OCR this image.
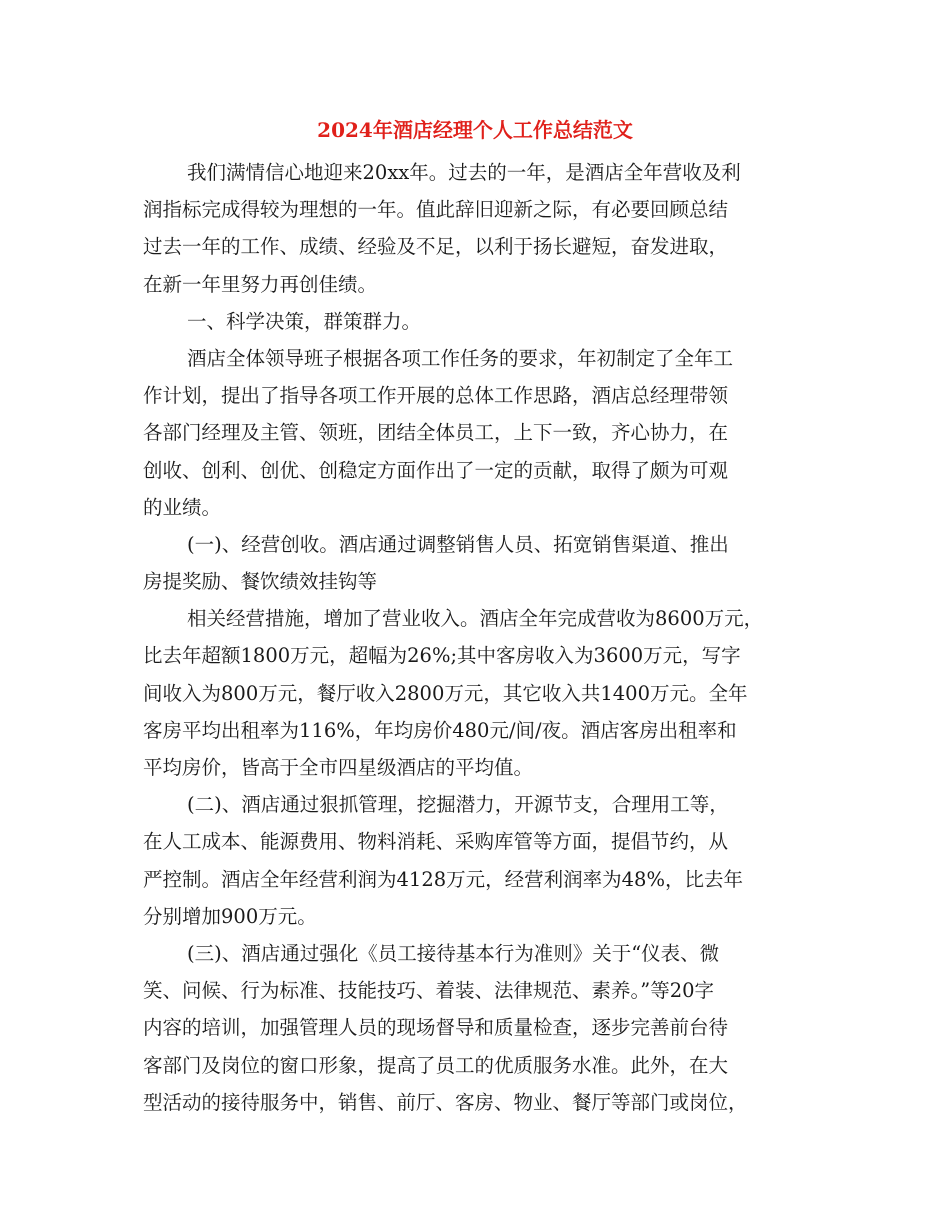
2024年酒店经理个人工作总结范文
我们满情信心地迎来20xx年。过去的一年，是酒店全年营收及利
润指标完成得较为理想的一年。值此辞旧迎新之际，有必要回顾总结
过去一年的工作、成绩、经验及不足，以利于扬长避短，奋发进取，
在新一年里努力再创佳绩。
一、科学决策，群策群力。
酒店全体领导班子根据各项工作任务的要求，年初制定了全年工
作计划，提出了指导各项工作开展的总体工作思路，酒店总经理带领
各部门经理及主管、领班，团结全体员工，上下一致，齐心协力，在
创收、创利、创优、创稳定方面作出了一定的贡献，取得了颇为可观
的业绩。
(一)、经营创收。酒店通过调整销售人员、拓宽销售渠道、推出
房提奖励、餐饮绩效挂钩等
相关经营措施，增加了营业收入。酒店全年完成营收为8600万元，
比去年超额1800万元，超幅为26%;其中客房收入为3600万元，写字
间收入为800万元，餐厅收入2800万元，其它收入共1400万元。全年
客房平均出租率为116%，年均房价480元/间/夜。酒店客房出租率和
平均房价，皆高于全市四星级酒店的平均值。
(二)、酒店通过狠抓管理，挖掘潜力，开源节支，合理用工等，
在人工成本、能源费用、物料消耗、采购库管等方面，提倡节约，从
严控制。酒店全年经营利润为4128万元，经营利润率为48%，比去年
分别增加900万元。
(三)、酒店通过强化《员工接待基本行为准则》关于“仪表、微
笑、问候、行为标准、技能技巧、着装、法律规范、素养。”等20字
内容的培训，加强管理人员的现场督导和质量检查，逐步完善前台待
客部门及岗位的窗口形象，提高了员工的优质服务水准。此外，在大
型活动的接待服务中，销售、前厅、客房、物业、餐厅等部门或岗位，
